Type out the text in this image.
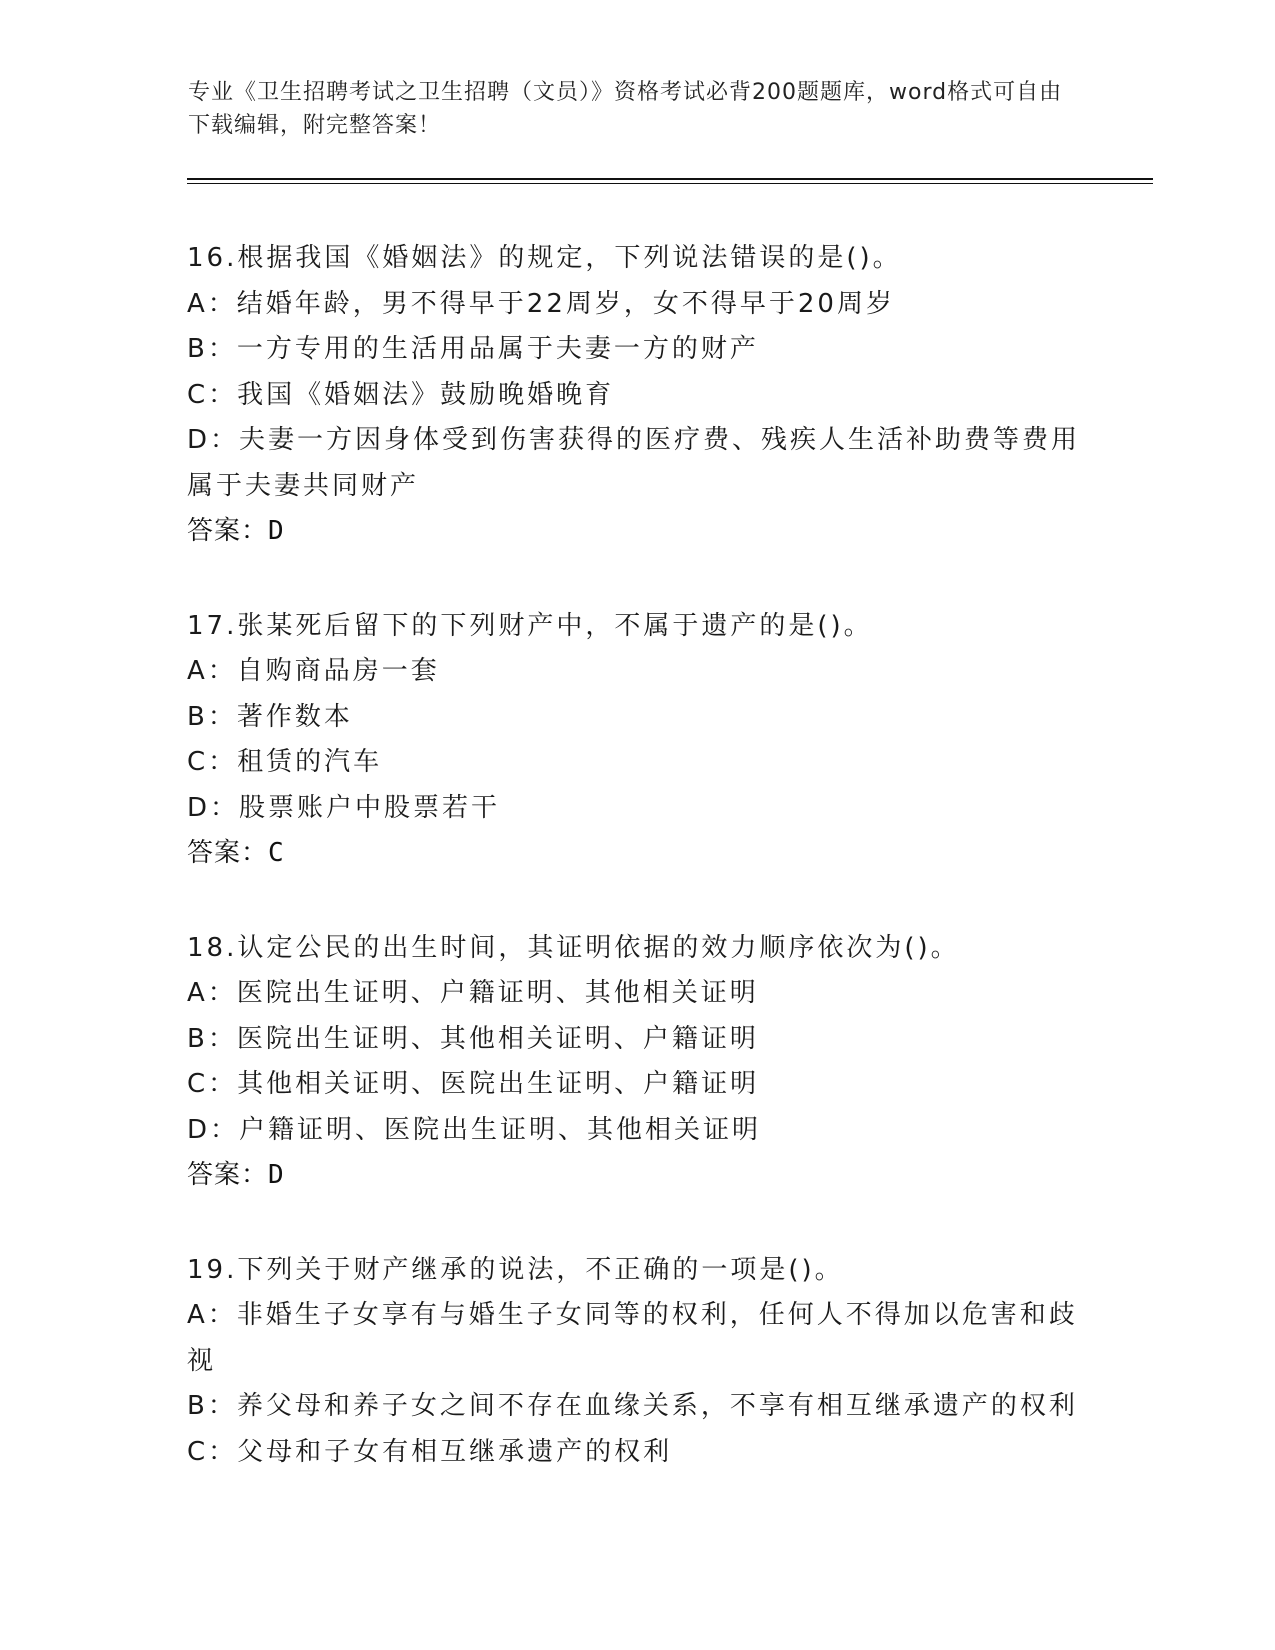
专业《卫生招聘考试之卫生招聘（文员）》资格考试必背200题题库，word格式可自由下载编辑，附完整答案！

16.根据我国《婚姻法》的规定，下列说法错误的是()。

A：结婚年龄，男不得早于22周岁，女不得早于20周岁

B：一方专用的生活用品属于夫妻一方的财产

C：我国《婚姻法》鼓励晚婚晚育

D：夫妻一方因身体受到伤害获得的医疗费、残疾人生活补助费等费用属于夫妻共同财产

答案：D

17.张某死后留下的下列财产中，不属于遗产的是()。

A：自购商品房一套

B：著作数本

C：租赁的汽车

D：股票账户中股票若干

答案：C

18.认定公民的出生时间，其证明依据的效力顺序依次为()。

A：医院出生证明、户籍证明、其他相关证明

B：医院出生证明、其他相关证明、户籍证明

C：其他相关证明、医院出生证明、户籍证明

D：户籍证明、医院出生证明、其他相关证明

答案：D

19.下列关于财产继承的说法，不正确的一项是()。

A：非婚生子女享有与婚生子女同等的权利，任何人不得加以危害和歧视

B：养父母和养子女之间不存在血缘关系，不享有相互继承遗产的权利

C：父母和子女有相互继承遗产的权利
